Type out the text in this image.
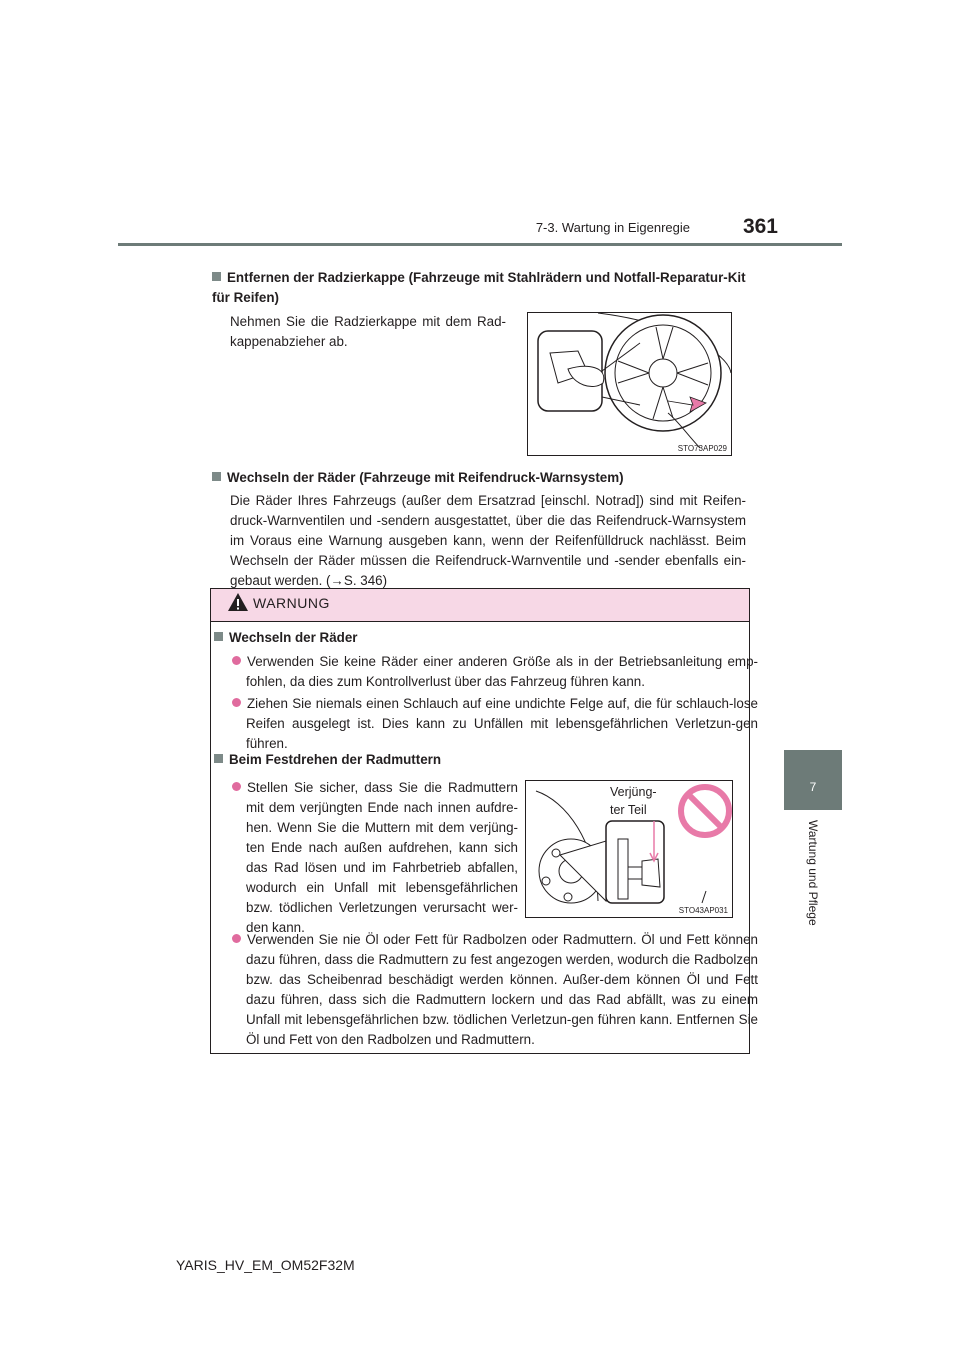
7-3. Wartung in Eigenregie	361
7
Wartung und Pflege
Entfernen der Radzierkappe (Fahrzeuge mit Stahlrädern und Notfall-Reparatur-Kit für Reifen)
Nehmen Sie die Radzierkappe mit dem Rad-kappenabzieher ab.
STO73AP029
Wechseln der Räder (Fahrzeuge mit Reifendruck-Warnsystem)
Die Räder Ihres Fahrzeugs (außer dem Ersatzrad [einschl. Notrad]) sind mit Reifen-druck-Warnventilen und -sendern ausgestattet, über die das Reifendruck-Warnsystem im Voraus eine Warnung ausgeben kann, wenn der Reifenfülldruck nachlässt. Beim Wechseln der Räder müssen die Reifendruck-Warnventile und -sender ebenfalls ein-gebaut werden. (→S. 346)
WARNUNG
Wechseln der Räder
Verwenden Sie keine Räder einer anderen Größe als in der Betriebsanleitung emp-fohlen, da dies zum Kontrollverlust über das Fahrzeug führen kann.
Ziehen Sie niemals einen Schlauch auf eine undichte Felge auf, die für schlauch-lose Reifen ausgelegt ist. Dies kann zu Unfällen mit lebensgefährlichen Verletzun-gen führen.
Beim Festdrehen der Radmuttern
Stellen Sie sicher, dass Sie die Radmuttern mit dem verjüngten Ende nach innen aufdre-hen. Wenn Sie die Muttern mit dem verjüng-ten Ende nach außen aufdrehen, kann sich das Rad lösen und im Fahrbetrieb abfallen, wodurch ein Unfall mit lebensgefährlichen bzw. tödlichen Verletzungen verursacht wer-den kann.
Verjüng-ter Teil
STO43AP031
Verwenden Sie nie Öl oder Fett für Radbolzen oder Radmuttern. Öl und Fett können dazu führen, dass die Radmuttern zu fest angezogen werden, wodurch die Radbolzen bzw. das Scheibenrad beschädigt werden können. Außer-dem können Öl und Fett dazu führen, dass sich die Radmuttern lockern und das Rad abfällt, was zu einem Unfall mit lebensgefährlichen bzw. tödlichen Verletzun-gen führen kann. Entfernen Sie Öl und Fett von den Radbolzen und Radmuttern.
YARIS_HV_EM_OM52F32M
